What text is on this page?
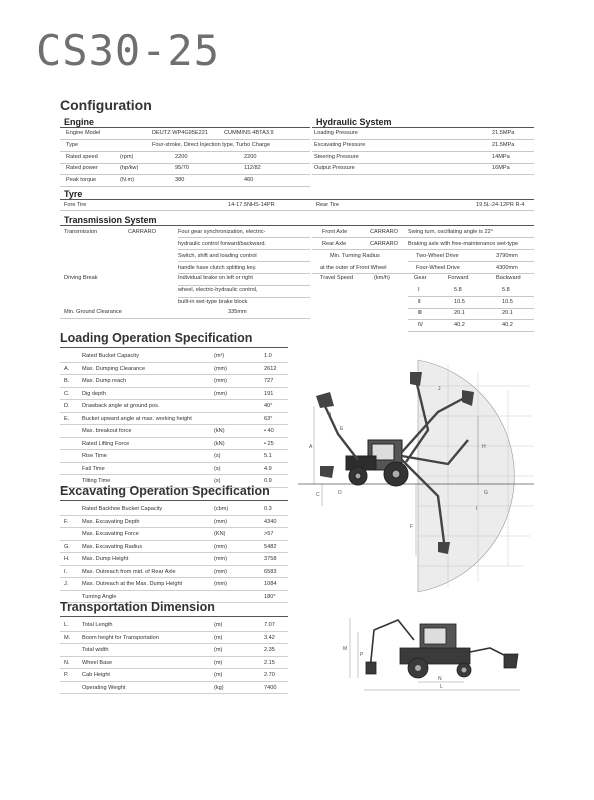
CS30-25
Configuration
Engine
Engine Model	DEUTZ WP4G95E221	CUMMINS 4BTA3.9
Type	Four-stroke, Direct Injection type, Turbo Charge
Rated speed	(rpm)	2200	2200
Rated power	(hp/kw)	95/70	112/82
Peak torque	(N.m)	380	460
Hydraulic System
Loading Pressure	21.5MPa
Excavating Pressure	21.5MPa
Steering Pressure	14MPa
Output Pressure	16MPa
Tyre
Fore Tire	14-17.5NHS-14PR	Rear Tire	19.5L-24-12PR R-4
Transmission System
Transmission	CARRARO	Four gear synchronization, electric-
hydraulic control forward/backward.
Switch, shift and loading control
handle have clutch splitting key.
Driving Break	Individual brake on left or right
wheel, electric-hydraulic control,
built-in wet-type brake block
Min. Ground Clearance	335mm
Front Axle	CARRARO Swing turn, oscillating angle is 22°
Rear Axle	CARRARO Braking axle with free-maintenance wet-type
Min. Turning Radius
at the outer of Front Wheel
Two-Wheel Drive	3790mm
Four-Wheel Drive	4300mm
Travel Speed	(km/h)	Gear	Forward	Backward
Ⅰ	5.8	5.8
Ⅱ	10.5	10.5
Ⅲ	20.1	20.1
Ⅳ	40.2	40.2
Loading Operation Specification
Rated Bucket Capacity	(m³)	1.0
A. Max. Dumping Clearance	(mm)	2612
B. Max. Dump reach	(mm)	727
C. Dig depth	(mm)	191
D. Drawback angle at ground pos.	40°
E. Bucket upward angle at max. working height	63°
Max. breakout force	(kN)	• 40
Rated Lifting Force	(kN)	• 25
Rise Time	(s)	5.1
Fall Time	(s)	4.9
Tilting Time	(s)	0.9
Excavating Operation Specification
Rated Backhoe Bucket Capacity	(cbm)	0.3
F. Max. Excavating Depth	(mm)	4340
Max. Excavating Force	(KN)	>57
G. Max. Excavating Radius	(mm)	5482
H. Max. Dump Height	(mm)	3758
I.	Max. Outreach from mid. of Rear Axle	(mm)	6583
J. Max. Outreach at the Max. Dump Height	(mm)	1084
Turning Angle	180°
Transportation Dimension
L. Total Length	(m)	7.07
M. Boom height for Transportation	(m)	3.42
Total width	(m)	2.35
N. Wheel Base	(m)	2.15
P. Cab Height	(m)	2.70
Operating Weight	(kg)	7400
A
B
C	D
E
F
G
H
I
J
M
P
N
L
